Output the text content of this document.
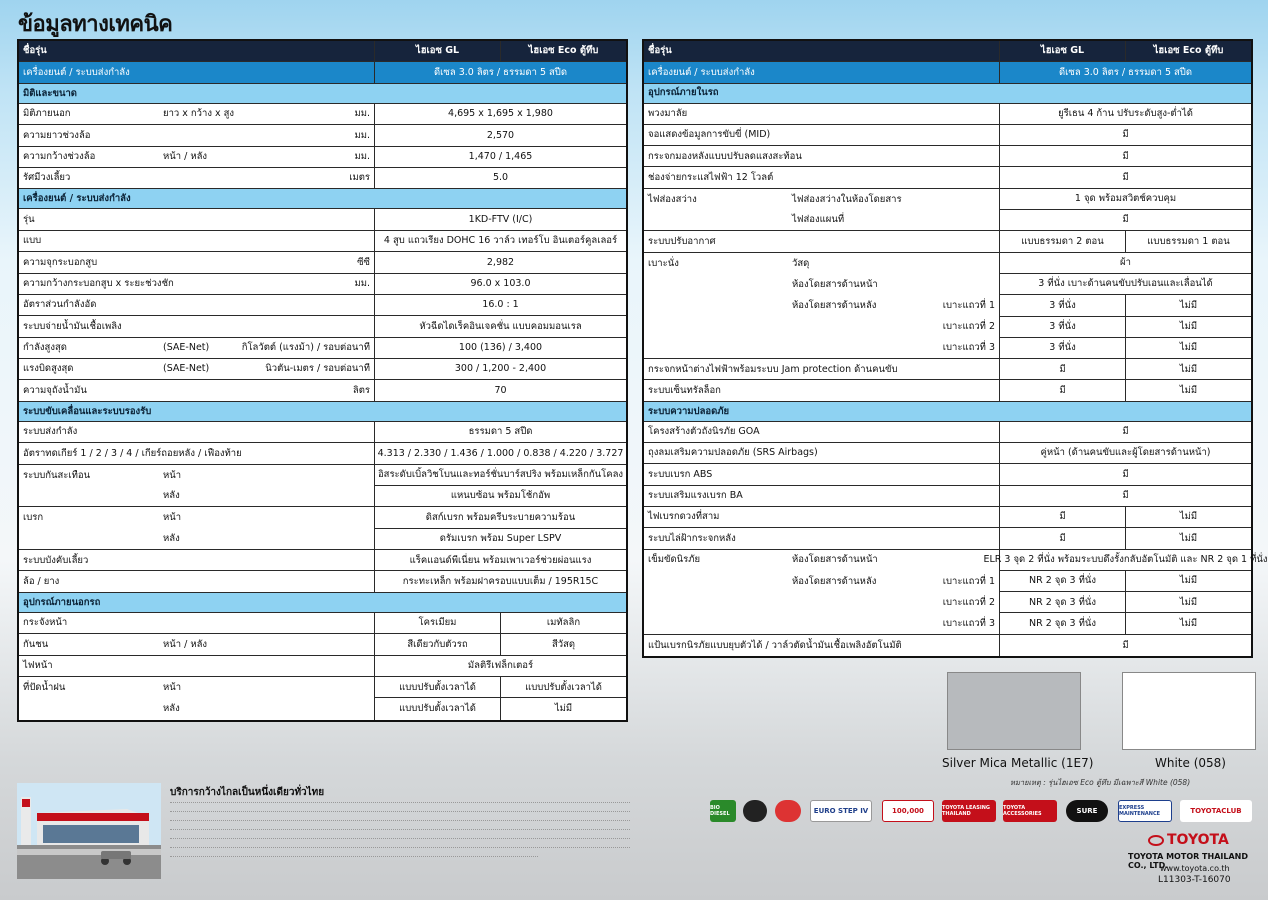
ข้อมูลทางเทคนิค
ชื่อรุ่น	ไฮเอซ GL	ไฮเอซ Eco ตู้ทึบ
เครื่องยนต์ / ระบบส่งกำลัง	ดีเซล 3.0 ลิตร / ธรรมดา 5 สปีด
มิติและขนาด
มิติภายนอก	ยาว x กว้าง x สูง	มม.	4,695 x 1,695 x 1,980
ความยาวช่วงล้อ	มม.	2,570
ความกว้างช่วงล้อ	หน้า / หลัง	มม.	1,470 / 1,465
รัศมีวงเลี้ยว	เมตร	5.0
เครื่องยนต์ / ระบบส่งกำลัง
รุ่น	1KD-FTV (I/C)
แบบ	4 สูบ แถวเรียง DOHC 16 วาล์ว เทอร์โบ อินเตอร์คูลเลอร์
ความจุกระบอกสูบ	ซีซี	2,982
ความกว้างกระบอกสูบ x ระยะช่วงชัก	มม.	96.0 x 103.0
อัตราส่วนกำลังอัด	16.0 : 1
ระบบจ่ายน้ำมันเชื้อเพลิง	หัวฉีดไดเร็คอินเจคชั่น แบบคอมมอนเรล
กำลังสูงสุด	(SAE-Net)	กิโลวัตต์ (แรงม้า) / รอบต่อนาที	100 (136) / 3,400
แรงบิดสูงสุด	(SAE-Net)	นิวตัน-เมตร / รอบต่อนาที	300 / 1,200 - 2,400
ความจุถังน้ำมัน	ลิตร	70
ระบบขับเคลื่อนและระบบรองรับ
ระบบส่งกำลัง	ธรรมดา 5 สปีด
อัตราทดเกียร์ 1 / 2 / 3 / 4 / เกียร์ถอยหลัง / เฟืองท้าย	4.313 / 2.330 / 1.436 / 1.000 / 0.838 / 4.220 / 3.727
ระบบกันสะเทือน	หน้า	อิสระดับเบิ้ลวิชโบนและทอร์ชั่นบาร์สปริง พร้อมเหล็กกันโคลง
หลัง	แหนบซ้อน พร้อมโช้กอัพ
เบรก	หน้า	ดิสก์เบรก พร้อมครีบระบายความร้อน
หลัง	ดรัมเบรก พร้อม Super LSPV
ระบบบังคับเลี้ยว	แร็คแอนด์พีเนี่ยน พร้อมเพาเวอร์ช่วยผ่อนแรง
ล้อ / ยาง	กระทะเหล็ก พร้อมฝาครอบแบบเต็ม / 195R15C
อุปกรณ์ภายนอกรถ
กระจังหน้า	โครเมียม	เมทัลลิก
กันชน	หน้า / หลัง	สีเดียวกับตัวรถ	สีวัสดุ
ไฟหน้า	มัลติรีเฟล็กเตอร์
ที่ปัดน้ำฝน	หน้า	แบบปรับตั้งเวลาได้	แบบปรับตั้งเวลาได้
หลัง	แบบปรับตั้งเวลาได้	ไม่มี
ชื่อรุ่น	ไฮเอซ GL	ไฮเอซ Eco ตู้ทึบ
เครื่องยนต์ / ระบบส่งกำลัง	ดีเซล 3.0 ลิตร / ธรรมดา 5 สปีด
อุปกรณ์ภายในรถ
พวงมาลัย	ยูรีเธน 4 ก้าน ปรับระดับสูง-ต่ำได้
จอแสดงข้อมูลการขับขี่ (MID)	มี
กระจกมองหลังแบบปรับลดแสงสะท้อน	มี
ช่องจ่ายกระแสไฟฟ้า 12 โวลต์	มี
ไฟส่องสว่าง	ไฟส่องสว่างในห้องโดยสาร	1 จุด พร้อมสวิตช์ควบคุม
ไฟส่องแผนที่	มี
ระบบปรับอากาศ	แบบธรรมดา 2 ตอน	แบบธรรมดา 1 ตอน
เบาะนั่ง	วัสดุ	ผ้า
ห้องโดยสารด้านหน้า	3 ที่นั่ง เบาะด้านคนขับปรับเอนและเลื่อนได้
ห้องโดยสารด้านหลัง	เบาะแถวที่ 1	3 ที่นั่ง	ไม่มี
เบาะแถวที่ 2	3 ที่นั่ง	ไม่มี
เบาะแถวที่ 3	3 ที่นั่ง	ไม่มี
กระจกหน้าต่างไฟฟ้าพร้อมระบบ Jam protection ด้านคนขับ	มี	ไม่มี
ระบบเซ็นทรัลล็อก	มี	ไม่มี
ระบบความปลอดภัย
โครงสร้างตัวถังนิรภัย GOA	มี
ถุงลมเสริมความปลอดภัย (SRS Airbags)	คู่หน้า (ด้านคนขับและผู้โดยสารด้านหน้า)
ระบบเบรก ABS	มี
ระบบเสริมแรงเบรก BA	มี
ไฟเบรกดวงที่สาม	มี	ไม่มี
ระบบไล่ฝ้ากระจกหลัง	มี	ไม่มี
เข็มขัดนิรภัย	ห้องโดยสารด้านหน้า	ELR 3 จุด 2 ที่นั่ง พร้อมระบบดึงรั้งกลับอัตโนมัติ และ NR 2 จุด 1 ที่นั่ง
ห้องโดยสารด้านหลัง	เบาะแถวที่ 1	NR 2 จุด 3 ที่นั่ง	ไม่มี
เบาะแถวที่ 2	NR 2 จุด 3 ที่นั่ง	ไม่มี
เบาะแถวที่ 3	NR 2 จุด 3 ที่นั่ง	ไม่มี
แป้นเบรกนิรภัยแบบยุบตัวได้ / วาล์วตัดน้ำมันเชื้อเพลิงอัตโนมัติ	มี
Silver Mica Metallic (1E7)	White (058)
หมายเหตุ : รุ่นไฮเอซ Eco ตู้ทึบ มีเฉพาะสี White (058)
บริการกว้างไกลเป็นหนึ่งเดียวทั่วไทย
BIO DIESEL	EURO STEP IV	100,000	TOYOTA LEASING THAILAND
TOYOTA ACCESSORIES	SURE	EXPRESS MAINTENANCE	TOYOTACLUB
TOYOTA
TOYOTA MOTOR THAILAND CO., LTD.
www.toyota.co.th
L11303-T-16070
